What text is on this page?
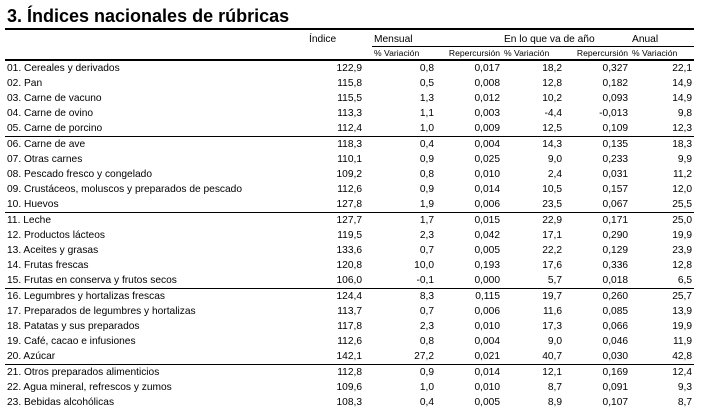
3. Índices nacionales de rúbricas
	Índice		Mensual		En lo que va de año		Anual
			% Variación	Repercursión	% Variación	Repercursión	% Variación
01. Cereales y derivados	122,9		0,8	0,017	18,2	0,327	22,1
02. Pan	115,8		0,5	0,008	12,8	0,182	14,9
03. Carne de vacuno	115,5		1,3	0,012	10,2	0,093	14,9
04. Carne de ovino	113,3		1,1	0,003	-4,4	-0,013	9,8
05. Carne de porcino	112,4		1,0	0,009	12,5	0,109	12,3
06. Carne de ave	118,3		0,4	0,004	14,3	0,135	18,3
07. Otras carnes	110,1		0,9	0,025	9,0	0,233	9,9
08. Pescado fresco y congelado	109,2		0,8	0,010	2,4	0,031	11,2
09. Crustáceos, moluscos y preparados de pescado	112,6		0,9	0,014	10,5	0,157	12,0
10. Huevos	127,8		1,9	0,006	23,5	0,067	25,5
11. Leche	127,7		1,7	0,015	22,9	0,171	25,0
12. Productos lácteos	119,5		2,3	0,042	17,1	0,290	19,9
13. Aceites y grasas	133,6		0,7	0,005	22,2	0,129	23,9
14. Frutas frescas	120,8		10,0	0,193	17,6	0,336	12,8
15. Frutas en conserva y frutos secos	106,0		-0,1	0,000	5,7	0,018	6,5
16. Legumbres y hortalizas frescas	124,4		8,3	0,115	19,7	0,260	25,7
17. Preparados de legumbres y hortalizas	113,7		0,7	0,006	11,6	0,085	13,9
18. Patatas y sus preparados	117,8		2,3	0,010	17,3	0,066	19,9
19. Café, cacao e infusiones	112,6		0,8	0,004	9,0	0,046	11,9
20. Azúcar	142,1		27,2	0,021	40,7	0,030	42,8
21. Otros preparados alimenticios	112,8		0,9	0,014	12,1	0,169	12,4
22. Agua mineral, refrescos y zumos	109,6		1,0	0,010	8,7	0,091	9,3
23. Bebidas alcohólicas	108,3		0,4	0,005	8,9	0,107	8,7
